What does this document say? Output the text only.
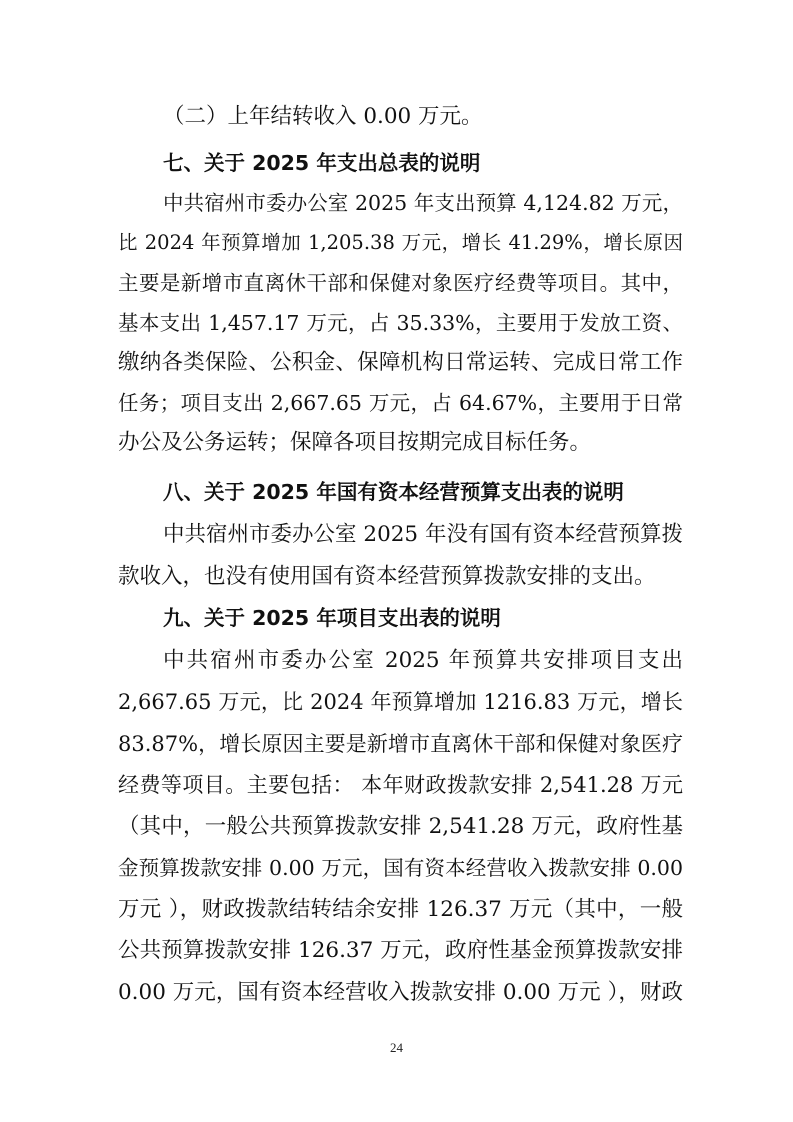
（二）上年结转收入 0.00 万元。
七、关于 2025 年支出总表的说明
中共宿州市委办公室 2025 年支出预算 4,124.82 万元，
比 2024 年预算增加 1,205.38 万元，增长 41.29%，增长原因
主要是新增市直离休干部和保健对象医疗经费等项目。其中，
基本支出 1,457.17 万元，占 35.33%，主要用于发放工资、
缴纳各类保险、公积金、保障机构日常运转、完成日常工作
任务；项目支出 2,667.65 万元，占 64.67%，主要用于日常
办公及公务运转；保障各项目按期完成目标任务。
八、关于 2025 年国有资本经营预算支出表的说明
中共宿州市委办公室 2025 年没有国有资本经营预算拨
款收入，也没有使用国有资本经营预算拨款安排的支出。
九、关于 2025 年项目支出表的说明
中共宿州市委办公室 2025 年预算共安排项目支出
2,667.65 万元，比 2024 年预算增加 1216.83 万元，增长
83.87%，增长原因主要是新增市直离休干部和保健对象医疗
经费等项目。主要包括： 本年财政拨款安排 2,541.28 万元
（其中，一般公共预算拨款安排 2,541.28 万元，政府性基
金预算拨款安排 0.00 万元，国有资本经营收入拨款安排 0.00
万元 ），财政拨款结转结余安排 126.37 万元（其中，一般
公共预算拨款安排 126.37 万元，政府性基金预算拨款安排
0.00 万元，国有资本经营收入拨款安排 0.00 万元 ），财政
24
